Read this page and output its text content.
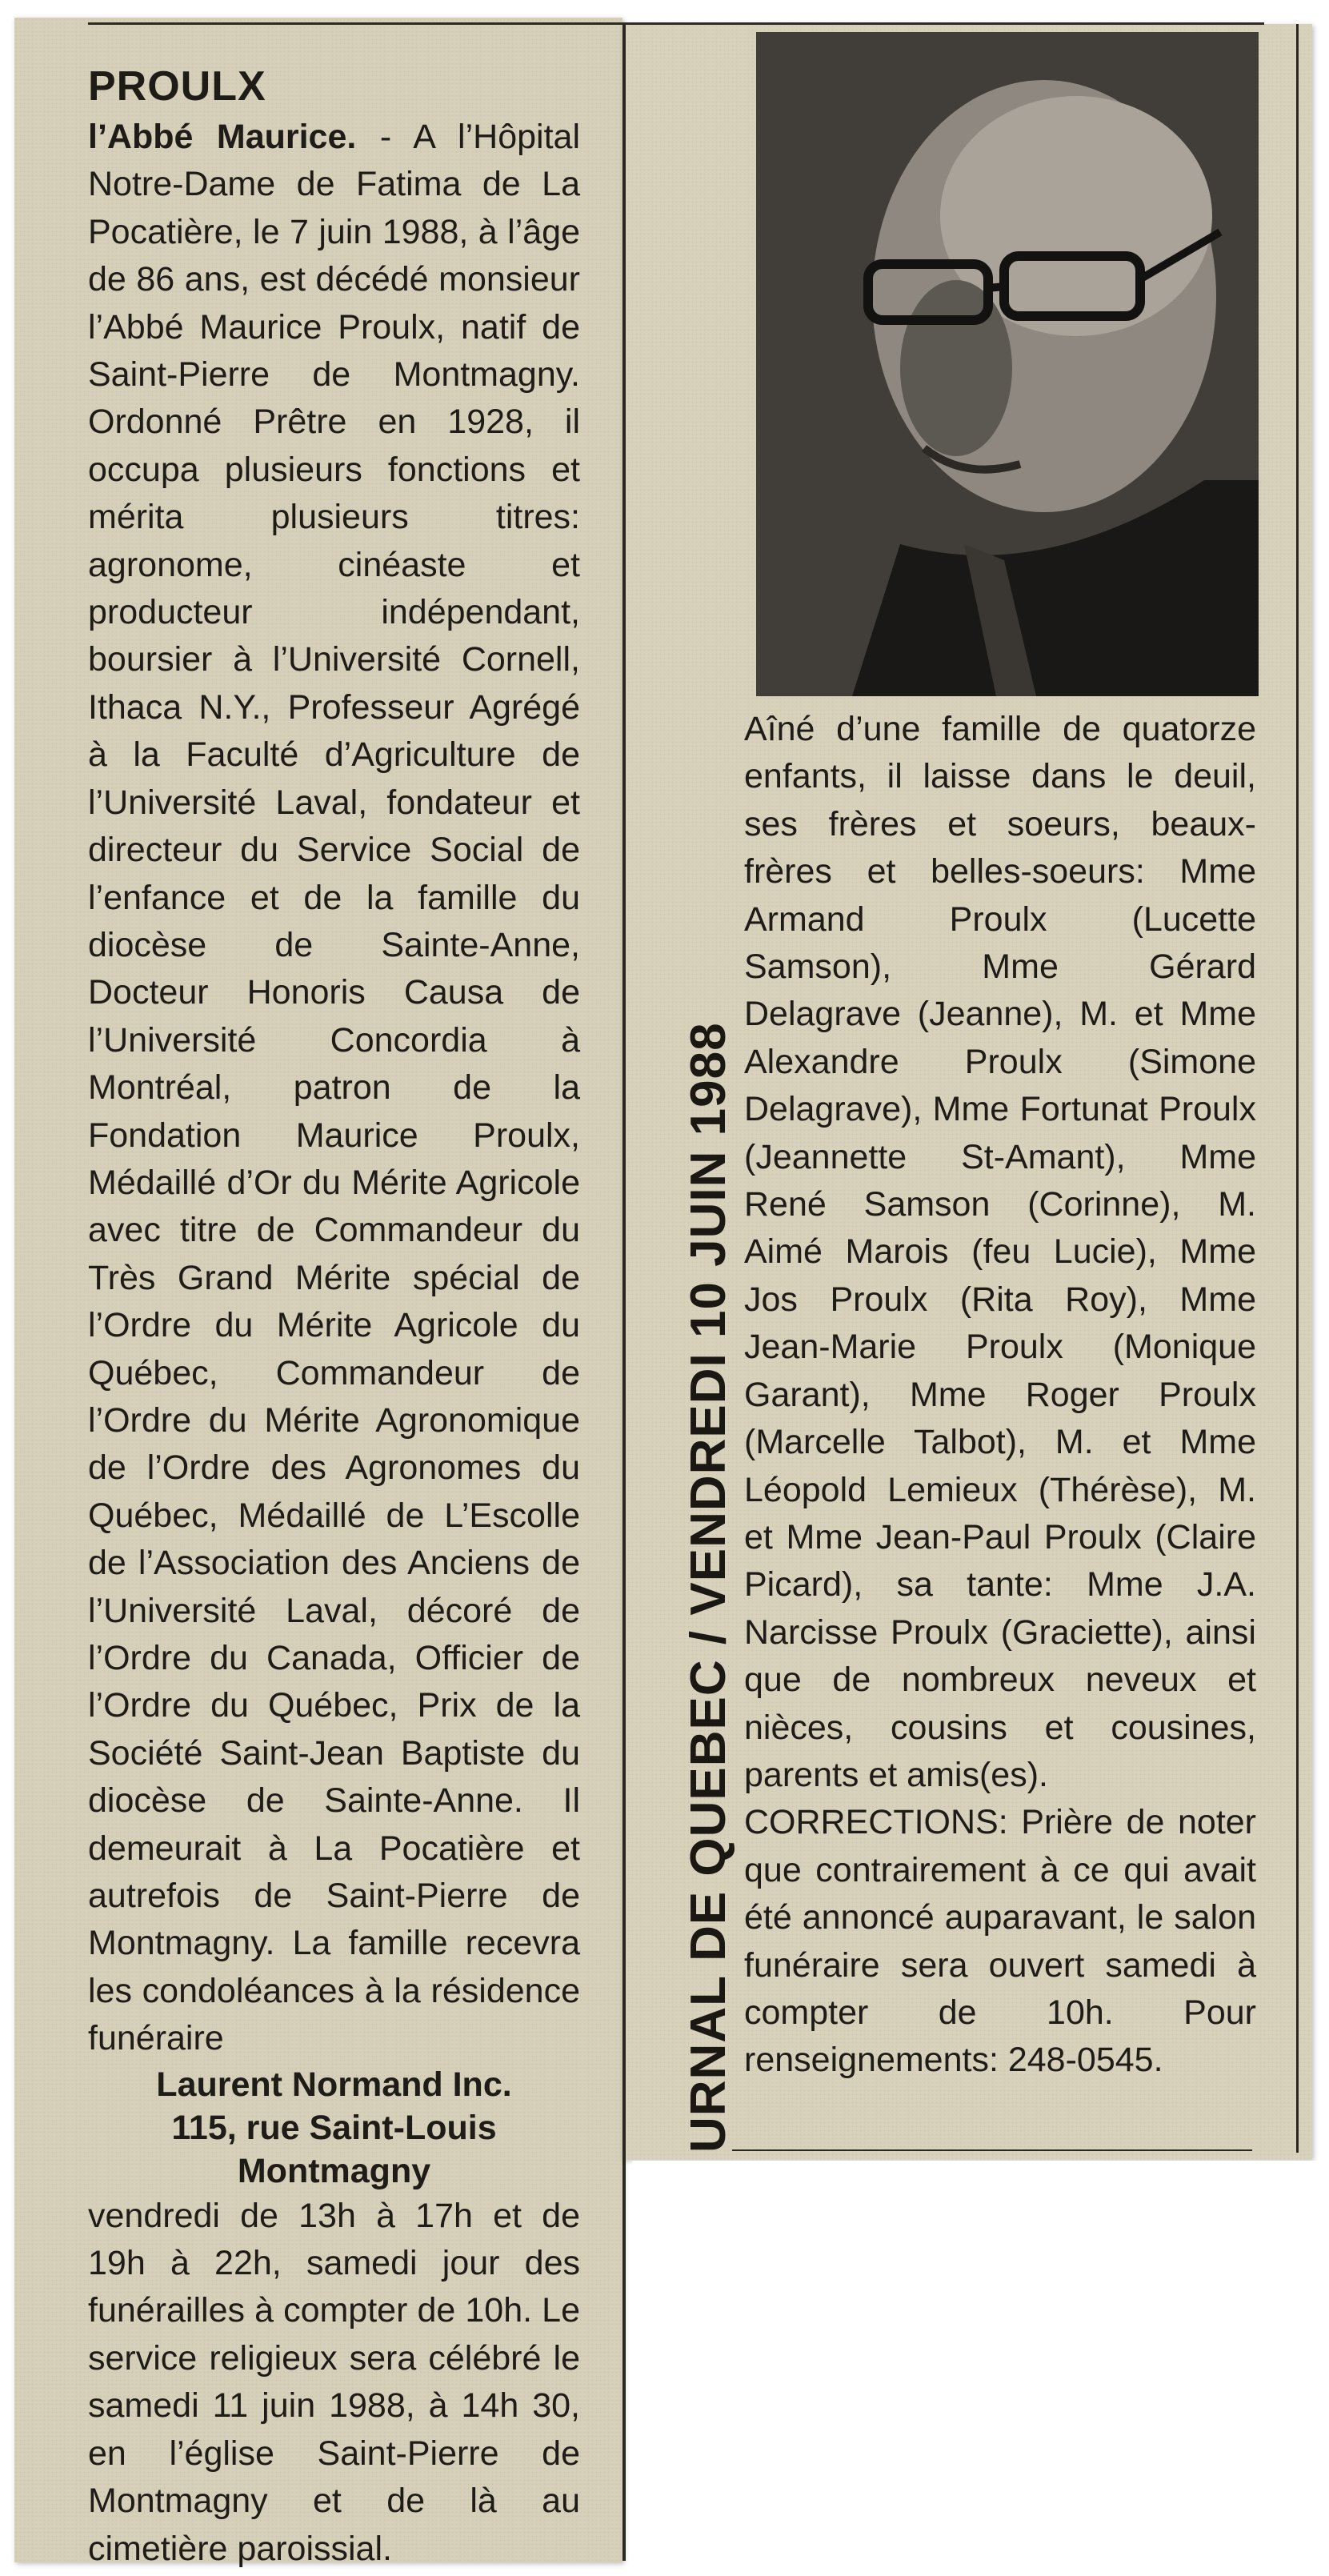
PROULX

l’Abbé Maurice. - A l’Hôpital Notre-Dame de Fatima de La Pocatière, le 7 juin 1988, à l’âge de 86 ans, est décédé monsieur l’Abbé Maurice Proulx, natif de Saint-Pierre de Montmagny. Ordonné Prêtre en 1928, il occupa plusieurs fonctions et mérita plusieurs titres: agronome, cinéaste et producteur indépendant, boursier à l’Université Cornell, Ithaca N.Y., Professeur Agrégé à la Faculté d’Agriculture de l’Université Laval, fondateur et directeur du Service Social de l’enfance et de la famille du diocèse de Sainte-Anne, Docteur Honoris Causa de l’Université Concordia à Montréal, patron de la Fondation Maurice Proulx, Médaillé d’Or du Mérite Agricole avec titre de Commandeur du Très Grand Mérite spécial de l’Ordre du Mérite Agricole du Québec, Commandeur de l’Ordre du Mérite Agronomique de l’Ordre des Agronomes du Québec, Médaillé de L’Escolle de l’Association des Anciens de l’Université Laval, décoré de l’Ordre du Canada, Officier de l’Ordre du Québec, Prix de la Société Saint-Jean Baptiste du diocèse de Sainte-Anne. Il demeurait à La Pocatière et autrefois de Saint-Pierre de Montmagny. La famille recevra les condoléances à la résidence funéraire

Laurent Normand Inc.
115, rue Saint-Louis
Montmagny

vendredi de 13h à 17h et de 19h à 22h, samedi jour des funérailles à compter de 10h. Le service religieux sera célébré le samedi 11 juin 1988, à 14h 30, en l’église Saint-Pierre de Montmagny et de là au cimetière paroissial.

Aîné d’une famille de quatorze enfants, il laisse dans le deuil, ses frères et soeurs, beaux-frères et belles-soeurs: Mme Armand Proulx (Lucette Samson), Mme Gérard Delagrave (Jeanne), M. et Mme Alexandre Proulx (Simone Delagrave), Mme Fortunat Proulx (Jeannette St-Amant), Mme René Samson (Corinne), M. Aimé Marois (feu Lucie), Mme Jos Proulx (Rita Roy), Mme Jean-Marie Proulx (Monique Garant), Mme Roger Proulx (Marcelle Talbot), M. et Mme Léopold Lemieux (Thérèse), M. et Mme Jean-Paul Proulx (Claire Picard), sa tante: Mme J.A. Narcisse Proulx (Graciette), ainsi que de nombreux neveux et nièces, cousins et cousines, parents et amis(es).

CORRECTIONS: Prière de noter que contrairement à ce qui avait été annoncé auparavant, le salon funéraire sera ouvert samedi à compter de 10h. Pour renseignements: 248-0545.

URNAL DE QUEBEC / VENDREDI 10 JUIN 1988
